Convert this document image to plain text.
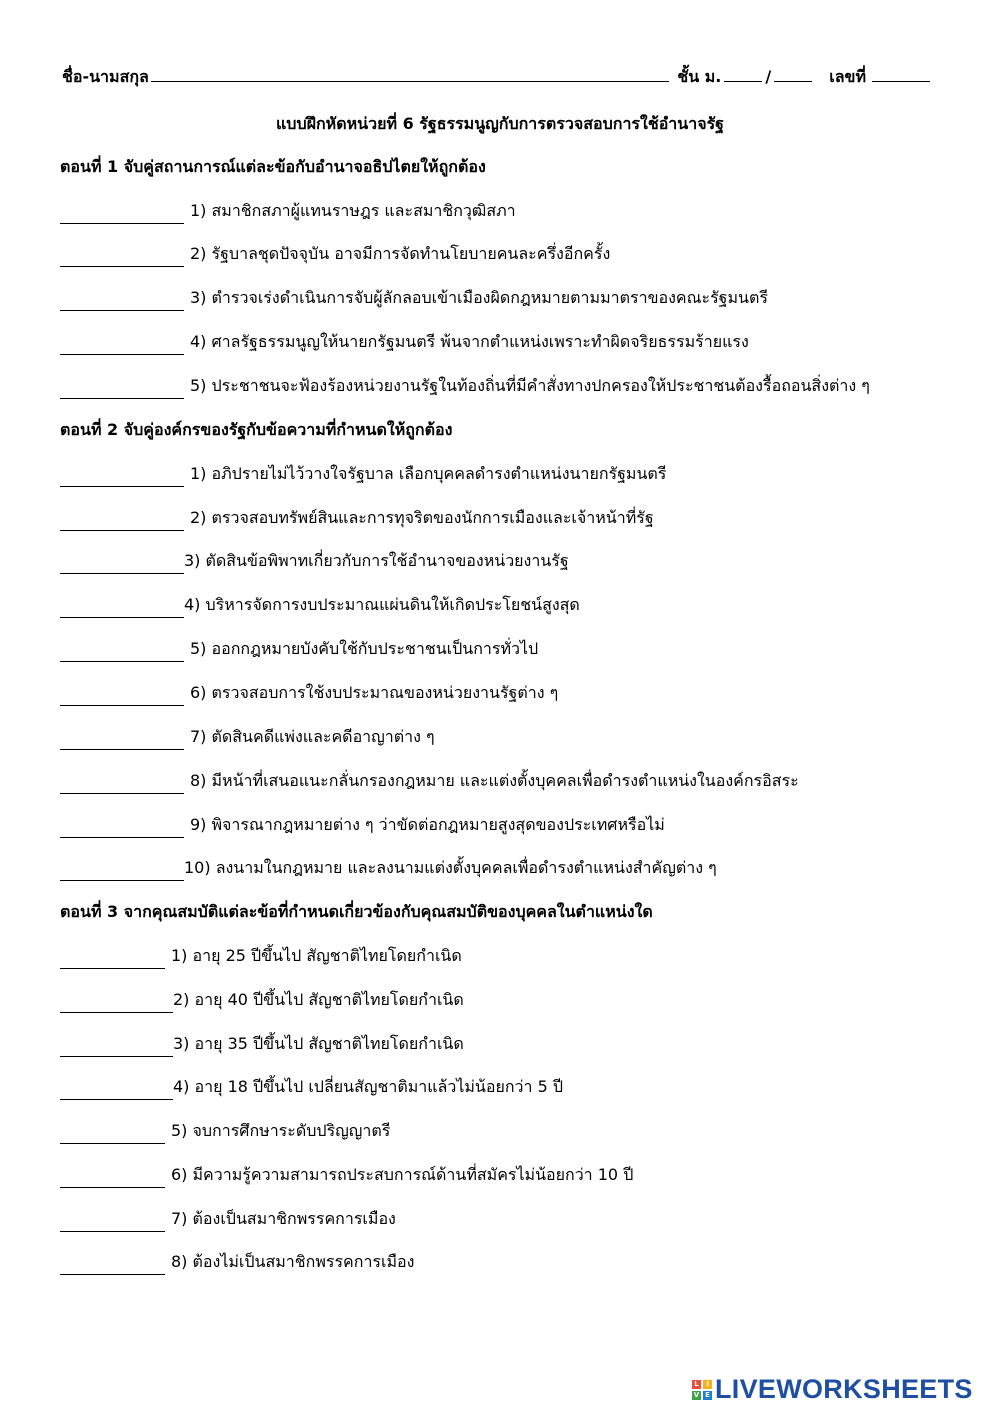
ชื่อ-นามสกุล	ชั้น ม.	/	เลขที่
แบบฝึกหัดหน่วยที่ 6 รัฐธรรมนูญกับการตรวจสอบการใช้อำนาจรัฐ
ตอนที่ 1 จับคู่สถานการณ์แต่ละข้อกับอำนาจอธิปไตยให้ถูกต้อง
1) สมาชิกสภาผู้แทนราษฎร และสมาชิกวุฒิสภา
2) รัฐบาลชุดปัจจุบัน อาจมีการจัดทำนโยบายคนละครึ่งอีกครั้ง
3) ตำรวจเร่งดำเนินการจับผู้ลักลอบเข้าเมืองผิดกฎหมายตามมาตราของคณะรัฐมนตรี
4) ศาลรัฐธรรมนูญให้นายกรัฐมนตรี พ้นจากตำแหน่งเพราะทำผิดจริยธรรมร้ายแรง
5) ประชาชนจะฟ้องร้องหน่วยงานรัฐในท้องถิ่นที่มีคำสั่งทางปกครองให้ประชาชนต้องรื้อถอนสิ่งต่าง ๆ
ตอนที่ 2 จับคู่องค์กรของรัฐกับข้อความที่กำหนดให้ถูกต้อง
1) อภิปรายไม่ไว้วางใจรัฐบาล เลือกบุคคลดำรงตำแหน่งนายกรัฐมนตรี
2) ตรวจสอบทรัพย์สินและการทุจริตของนักการเมืองและเจ้าหน้าที่รัฐ
3) ตัดสินข้อพิพาทเกี่ยวกับการใช้อำนาจของหน่วยงานรัฐ
4) บริหารจัดการงบประมาณแผ่นดินให้เกิดประโยชน์สูงสุด
5) ออกกฎหมายบังคับใช้กับประชาชนเป็นการทั่วไป
6) ตรวจสอบการใช้งบประมาณของหน่วยงานรัฐต่าง ๆ
7) ตัดสินคดีแพ่งและคดีอาญาต่าง ๆ
8) มีหน้าที่เสนอแนะกลั่นกรองกฎหมาย และแต่งตั้งบุคคลเพื่อดำรงตำแหน่งในองค์กรอิสระ
9) พิจารณากฎหมายต่าง ๆ ว่าขัดต่อกฎหมายสูงสุดของประเทศหรือไม่
10) ลงนามในกฎหมาย และลงนามแต่งตั้งบุคคลเพื่อดำรงตำแหน่งสำคัญต่าง ๆ
ตอนที่ 3 จากคุณสมบัติแต่ละข้อที่กำหนดเกี่ยวข้องกับคุณสมบัติของบุคคลในตำแหน่งใด
1) อายุ 25 ปีขึ้นไป สัญชาติไทยโดยกำเนิด
2) อายุ 40 ปีขึ้นไป สัญชาติไทยโดยกำเนิด
3) อายุ 35 ปีขึ้นไป สัญชาติไทยโดยกำเนิด
4) อายุ 18 ปีขึ้นไป เปลี่ยนสัญชาติมาแล้วไม่น้อยกว่า 5 ปี
5) จบการศึกษาระดับปริญญาตรี
6) มีความรู้ความสามารถประสบการณ์ด้านที่สมัครไม่น้อยกว่า 10 ปี
7) ต้องเป็นสมาชิกพรรคการเมือง
8) ต้องไม่เป็นสมาชิกพรรคการเมือง
L	I
V E LIVEWORKSHEETS
